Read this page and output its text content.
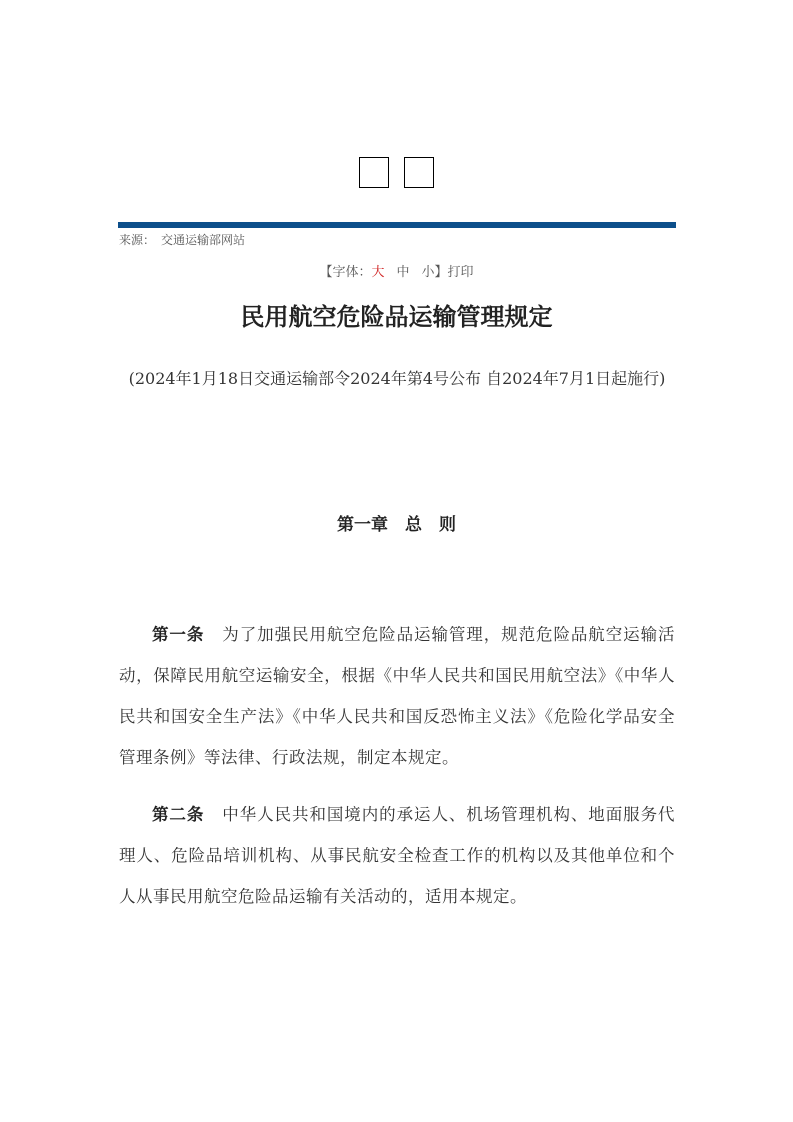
来源： 交通运输部网站
【字体：大 中 小】打印
民用航空危险品运输管理规定

(2024年1月18日交通运输部令2024年第4号公布 自2024年7月1日起施行)

第一章　总　则

第一条 为了加强民用航空危险品运输管理，规范危险品航空运输活动，保障民用航空运输安全，根据《中华人民共和国民用航空法》《中华人民共和国安全生产法》《中华人民共和国反恐怖主义法》《危险化学品安全管理条例》等法律、行政法规，制定本规定。

第二条 中华人民共和国境内的承运人、机场管理机构、地面服务代理人、危险品培训机构、从事民航安全检查工作的机构以及其他单位和个人从事民用航空危险品运输有关活动的，适用本规定。
